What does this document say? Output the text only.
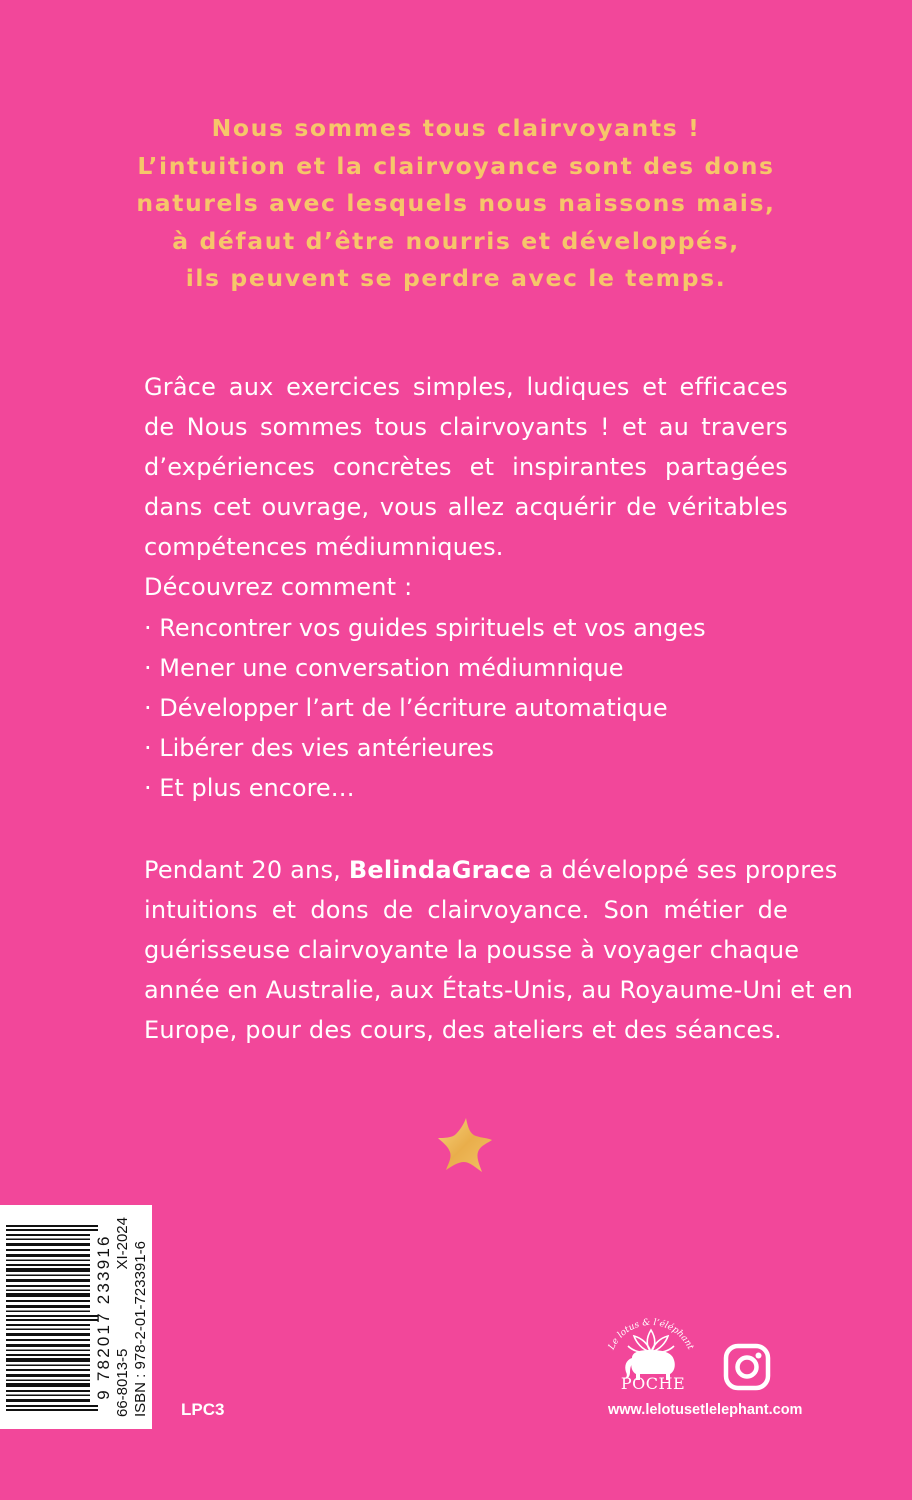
Nous sommes tous clairvoyants !
L’intuition et la clairvoyance sont des dons
naturels avec lesquels nous naissons mais,
à défaut d’être nourris et développés,
ils peuvent se perdre avec le temps.
Grâce aux exercices simples, ludiques et efficaces
de Nous sommes tous clairvoyants ! et au travers
d’expériences concrètes et inspirantes partagées
dans cet ouvrage, vous allez acquérir de véritables
compétences médiumniques.
Découvrez comment :
· Rencontrer vos guides spirituels et vos anges
· Mener une conversation médiumnique
· Développer l’art de l’écriture automatique
· Libérer des vies antérieures
· Et plus encore…
Pendant 20 ans, BelindaGrace a développé ses propres
intuitions et dons de clairvoyance. Son métier de
guérisseuse clairvoyante la pousse à voyager chaque
année en Australie, aux États-Unis, au Royaume-Uni et en
Europe, pour des cours, des ateliers et des séances.
9 782017 233916 66-8013-5
XI-2024 ISBN : 978-2-01-723391-6 LPC3
Le lotus & l’éléphant
POCHE
www.lelotusetlelephant.com
